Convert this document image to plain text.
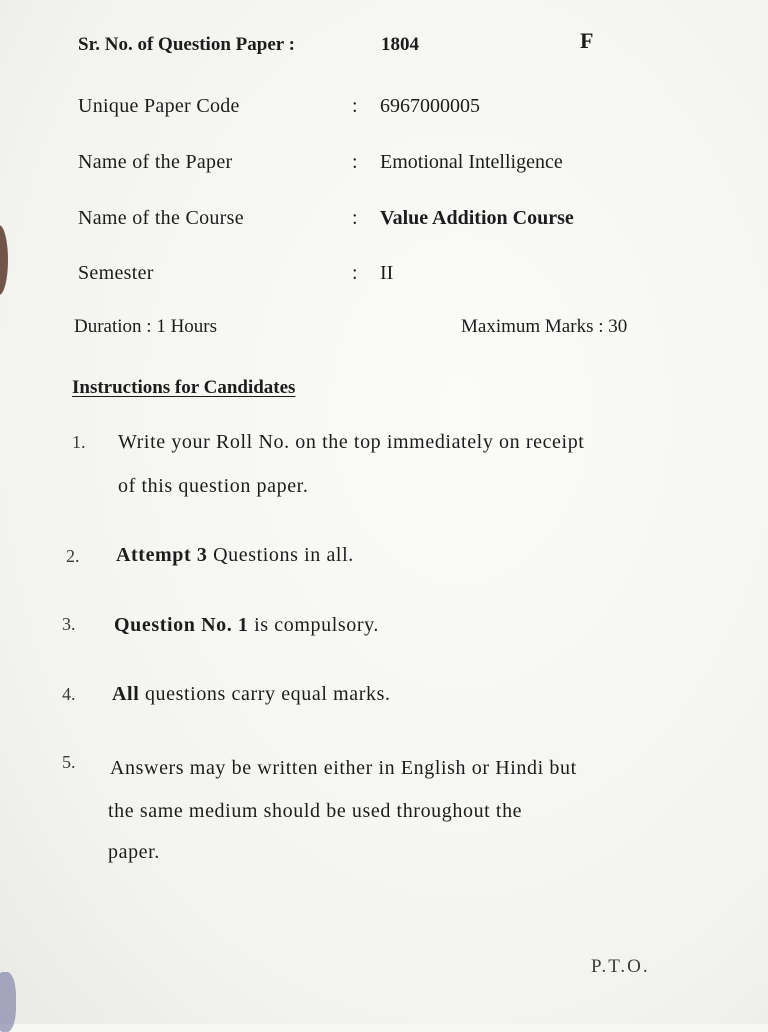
Sr. No. of Question Paper :	1804	F
Unique Paper Code	: 6967000005
Name of the Paper	: Emotional Intelligence
Name of the Course	: Value Addition Course
Semester	: II
Duration : 1 Hours	Maximum Marks : 30
Instructions for Candidates
1. Write your Roll No. on the top immediately on receipt
of this question paper.
2. Attempt 3 Questions in all.
3. Question No. 1 is compulsory.
4. All questions carry equal marks.
5. Answers may be written either in English or Hindi but
the same medium should be used throughout the
paper.
P.T.O.
